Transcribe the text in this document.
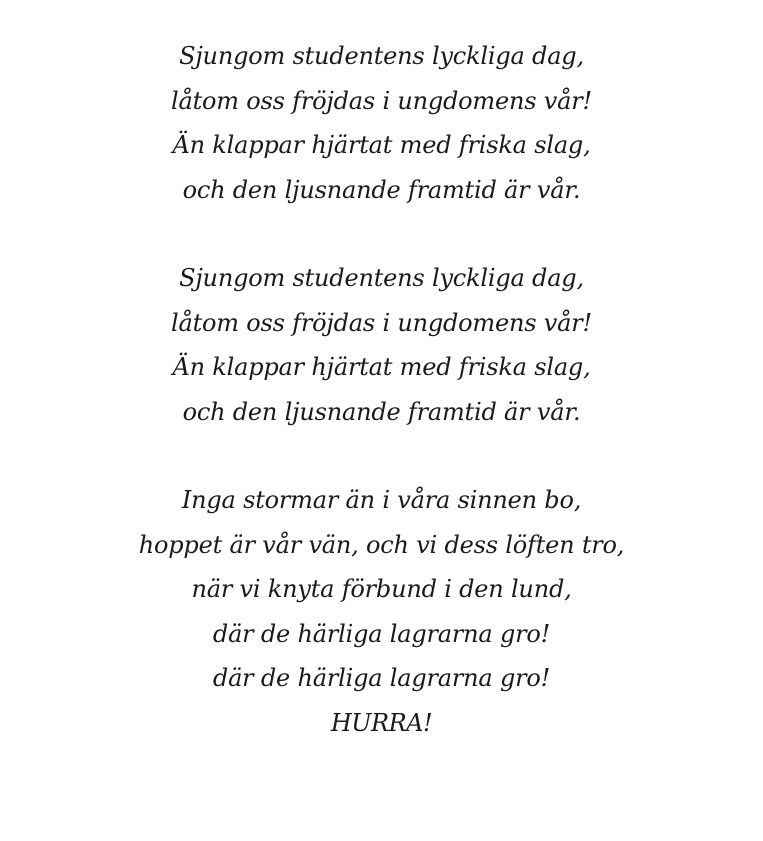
Sjungom studentens lyckliga dag,
låtom oss fröjdas i ungdomens vår!
Än klappar hjärtat med friska slag,
och den ljusnande framtid är vår.
Sjungom studentens lyckliga dag,
låtom oss fröjdas i ungdomens vår!
Än klappar hjärtat med friska slag,
och den ljusnande framtid är vår.
Inga stormar än i våra sinnen bo,
hoppet är vår vän, och vi dess löften tro,
när vi knyta förbund i den lund,
där de härliga lagrarna gro!
där de härliga lagrarna gro!
HURRA!
